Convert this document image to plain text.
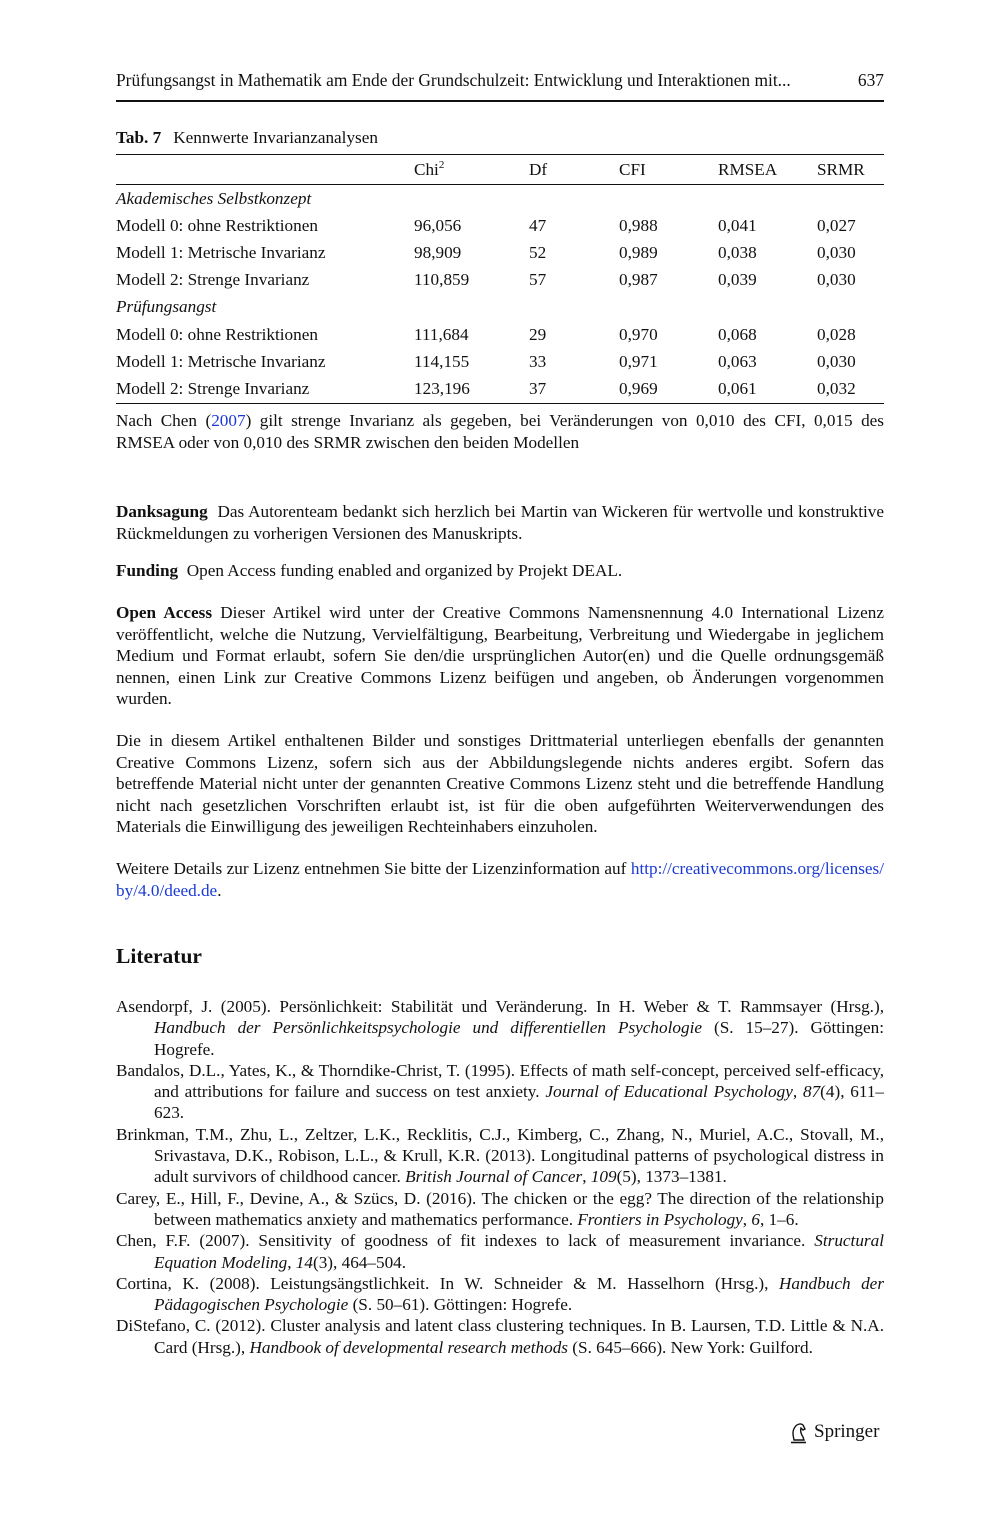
Prüfungsangst in Mathematik am Ende der Grundschulzeit: Entwicklung und Interaktionen mit...	637
Tab. 7 Kennwerte Invarianzanalysen
	Chi$^2$	Df	CFI	RMSEA	SRMR
Akademisches Selbstkonzept					
Modell 0: ohne Restriktionen	96,056	47	0,988	0,041	0,027
Modell 1: Metrische Invarianz	98,909	52	0,989	0,038	0,030
Modell 2: Strenge Invarianz	110,859	57	0,987	0,039	0,030
Prüfungsangst					
Modell 0: ohne Restriktionen	111,684	29	0,970	0,068	0,028
Modell 1: Metrische Invarianz	114,155	33	0,971	0,063	0,030
Modell 2: Strenge Invarianz	123,196	37	0,969	0,061	0,032
Nach Chen (2007) gilt strenge Invarianz als gegeben, bei Veränderungen von 0,010 des CFI, 0,015 des RMSEA oder von 0,010 des SRMR zwischen den beiden Modellen
Danksagung Das Autorenteam bedankt sich herzlich bei Martin van Wickeren für wertvolle und konstruktive Rückmeldungen zu vorherigen Versionen des Manuskripts.
Funding Open Access funding enabled and organized by Projekt DEAL.
Open Access Dieser Artikel wird unter der Creative Commons Namensnennung 4.0 International Lizenz veröffentlicht, welche die Nutzung, Vervielfältigung, Bearbeitung, Verbreitung und Wiedergabe in jeglichem Medium und Format erlaubt, sofern Sie den/die ursprünglichen Autor(en) und die Quelle ordnungsgemäß nennen, einen Link zur Creative Commons Lizenz beifügen und angeben, ob Änderungen vorgenommen wurden.
Die in diesem Artikel enthaltenen Bilder und sonstiges Drittmaterial unterliegen ebenfalls der genannten Creative Commons Lizenz, sofern sich aus der Abbildungslegende nichts anderes ergibt. Sofern das betreffende Material nicht unter der genannten Creative Commons Lizenz steht und die betreffende Handlung nicht nach gesetzlichen Vorschriften erlaubt ist, ist für die oben aufgeführten Weiterverwendungen des Materials die Einwilligung des jeweiligen Rechteinhabers einzuholen.
Weitere Details zur Lizenz entnehmen Sie bitte der Lizenzinformation auf http://creativecommons.org/licenses/by/4.0/deed.de.
Literatur
Asendorpf, J. (2005). Persönlichkeit: Stabilität und Veränderung. In H. Weber & T. Rammsayer (Hrsg.), Handbuch der Persönlichkeitspsychologie und differentiellen Psychologie (S. 15–27). Göttingen: Hogrefe.
Bandalos, D.L., Yates, K., & Thorndike-Christ, T. (1995). Effects of math self-concept, perceived self-efficacy, and attributions for failure and success on test anxiety. Journal of Educational Psychology, 87(4), 611–623.
Brinkman, T.M., Zhu, L., Zeltzer, L.K., Recklitis, C.J., Kimberg, C., Zhang, N., Muriel, A.C., Stovall, M., Srivastava, D.K., Robison, L.L., & Krull, K.R. (2013). Longitudinal patterns of psychological distress in adult survivors of childhood cancer. British Journal of Cancer, 109(5), 1373–1381.
Carey, E., Hill, F., Devine, A., & Szücs, D. (2016). The chicken or the egg? The direction of the relationship between mathematics anxiety and mathematics performance. Frontiers in Psychology, 6, 1–6.
Chen, F.F. (2007). Sensitivity of goodness of fit indexes to lack of measurement invariance. Structural Equation Modeling, 14(3), 464–504.
Cortina, K. (2008). Leistungsängstlichkeit. In W. Schneider & M. Hasselhorn (Hrsg.), Handbuch der Pädagogischen Psychologie (S. 50–61). Göttingen: Hogrefe.
DiStefano, C. (2012). Cluster analysis and latent class clustering techniques. In B. Laursen, T.D. Little & N.A. Card (Hrsg.), Handbook of developmental research methods (S. 645–666). New York: Guilford.
Springer
